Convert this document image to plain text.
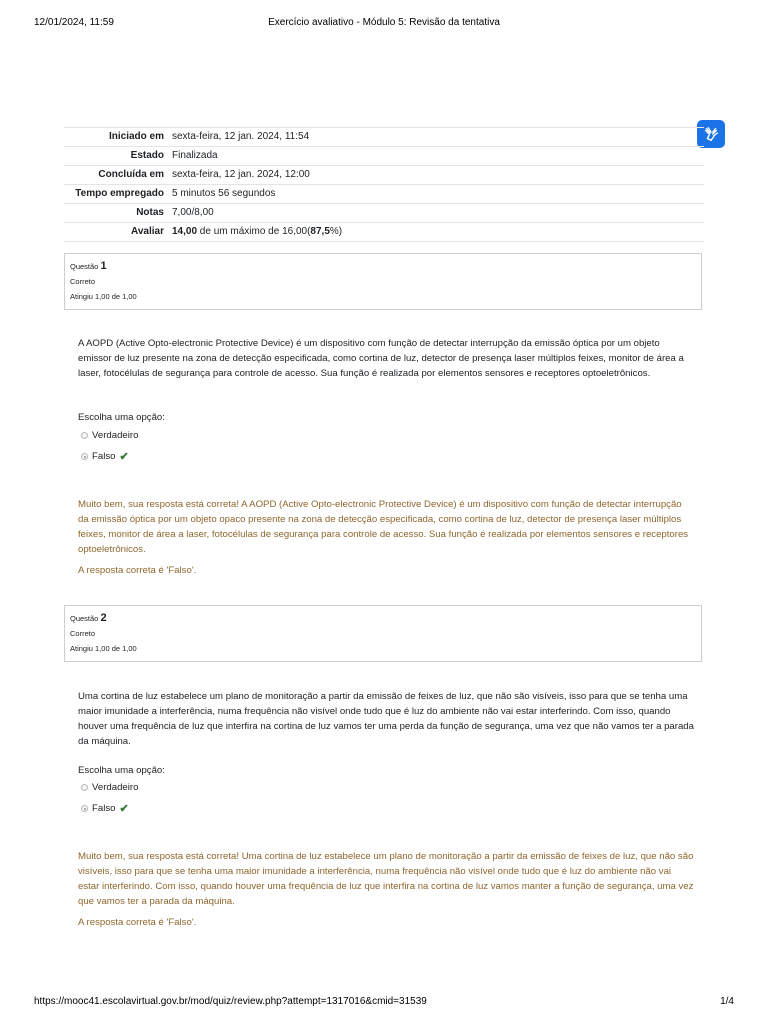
12/01/2024, 11:59	Exercício avaliativo - Módulo 5: Revisão da tentativa
Iniciado em	sexta-feira, 12 jan. 2024, 11:54
Estado	Finalizada
Concluída em	sexta-feira, 12 jan. 2024, 12:00
Tempo empregado	5 minutos 56 segundos
Notas	7,00/8,00
Avaliar	14,00 de um máximo de 16,00(87,5%)
Questão 1
Correto
Atingiu 1,00 de 1,00
A AOPD (Active Opto-electronic Protective Device) é um dispositivo com função de detectar interrupção da emissão óptica por um objeto emissor de luz presente na zona de detecção especificada, como cortina de luz, detector de presença laser múltiplos feixes, monitor de área a laser, fotocélulas de segurança para controle de acesso. Sua função é realizada por elementos sensores e receptores optoeletrônicos.
Escolha uma opção:
Verdadeiro
Falso ✔

Muito bem, sua resposta está correta! A AOPD (Active Opto-electronic Protective Device) é um dispositivo com função de detectar interrupção da emissão óptica por um objeto opaco presente na zona de detecção especificada, como cortina de luz, detector de presença laser múltiplos feixes, monitor de área a laser, fotocélulas de segurança para controle de acesso. Sua função é realizada por elementos sensores e receptores optoeletrônicos.

A resposta correta é 'Falso'.

Questão 2
Correto
Atingiu 1,00 de 1,00
Uma cortina de luz estabelece um plano de monitoração a partir da emissão de feixes de luz, que não são visíveis, isso para que se tenha uma maior imunidade a interferência, numa frequência não visível onde tudo que é luz do ambiente não vai estar interferindo. Com isso, quando houver uma frequência de luz que interfira na cortina de luz vamos ter uma perda da função de segurança, uma vez que não vamos ter a parada da máquina.
Escolha uma opção:
Verdadeiro
Falso ✔

Muito bem, sua resposta está correta! Uma cortina de luz estabelece um plano de monitoração a partir da emissão de feixes de luz, que não são visíveis, isso para que se tenha uma maior imunidade a interferência, numa frequência não visível onde tudo que é luz do ambiente não vai estar interferindo. Com isso, quando houver uma frequência de luz que interfira na cortina de luz vamos manter a função de segurança, uma vez que vamos ter a parada da máquina.

A resposta correta é 'Falso'.

https://mooc41.escolavirtual.gov.br/mod/quiz/review.php?attempt=1317016&cmid=31539	1/4
